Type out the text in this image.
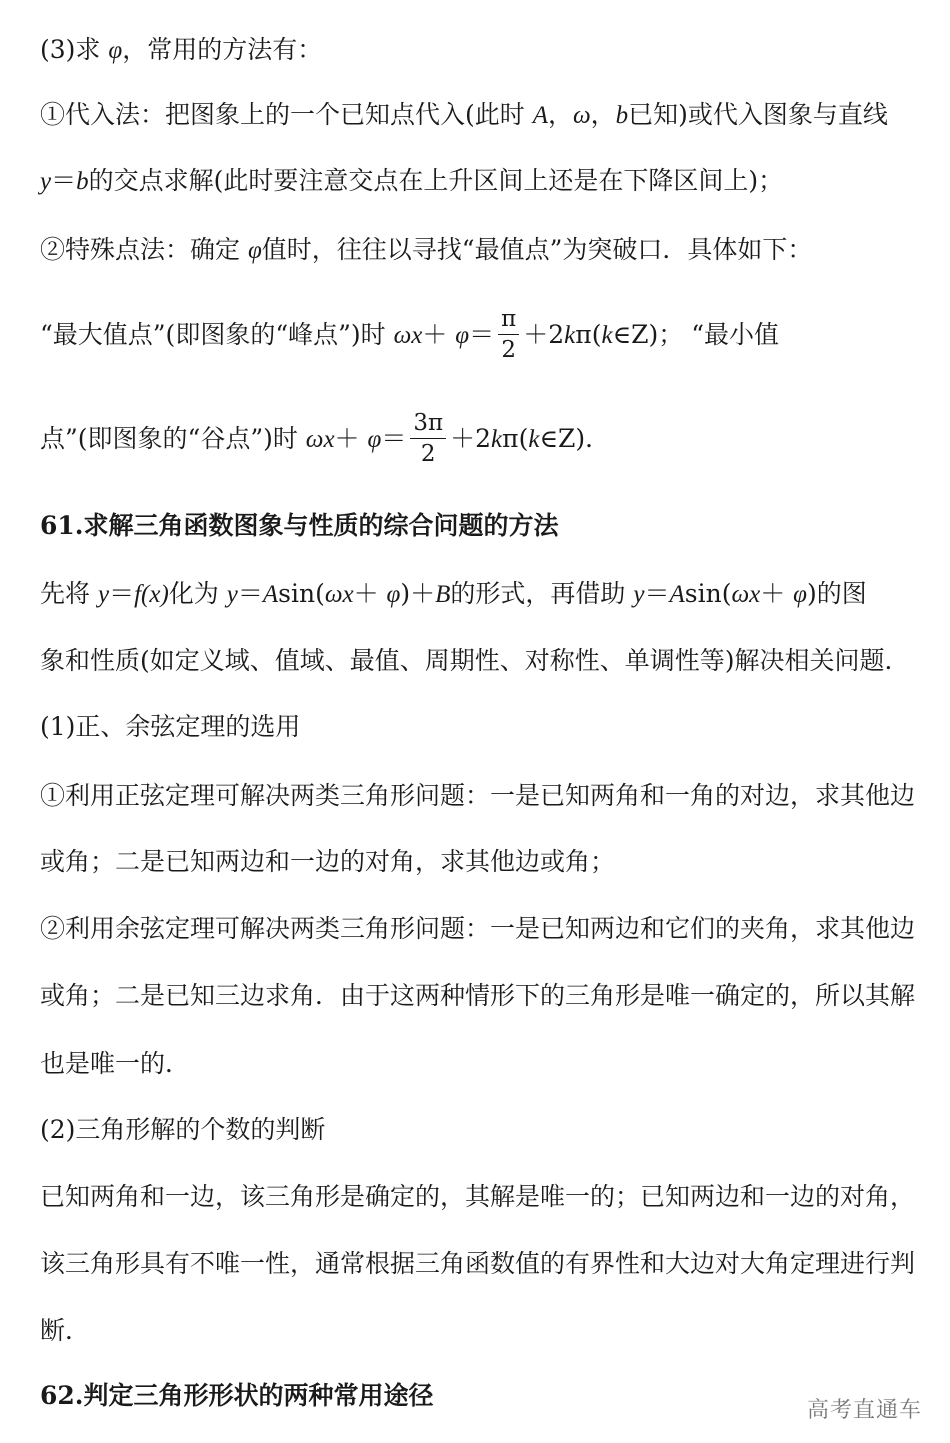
(3)求 φ，常用的方法有：
①代入法：把图象上的一个已知点代入(此时 A，ω，b已知)或代入图象与直线
y＝b的交点求解(此时要注意交点在上升区间上还是在下降区间上)；
②特殊点法：确定 φ值时，往往以寻找“最值点”为突破口．具体如下：
“最大值点”(即图象的“峰点”)时 $\omega x+ \varphi= \frac{\pi}{2}$ ＋2kπ(k∈Z)； “最小值
点”(即图象的“谷点”)时 $\omega x+ \varphi= \frac{3\pi}{2}$ ＋2kπ(k∈Z)．
61.求解三角函数图象与性质的综合问题的方法
先将 y＝f(x)化为 y＝Asin(ωx＋ φ)＋B的形式，再借助 y＝Asin(ωx＋ φ)的图
象和性质(如定义域、值域、最值、周期性、对称性、单调性等)解决相关问题．
(1)正、余弦定理的选用
①利用正弦定理可解决两类三角形问题：一是已知两角和一角的对边，求其他边
或角；二是已知两边和一边的对角，求其他边或角；
②利用余弦定理可解决两类三角形问题：一是已知两边和它们的夹角，求其他边
或角；二是已知三边求角．由于这两种情形下的三角形是唯一确定的，所以其解
也是唯一的．
(2)三角形解的个数的判断
已知两角和一边，该三角形是确定的，其解是唯一的；已知两边和一边的对角，
该三角形具有不唯一性，通常根据三角函数值的有界性和大边对大角定理进行判
断．
62.判定三角形形状的两种常用途径
高考直通车
